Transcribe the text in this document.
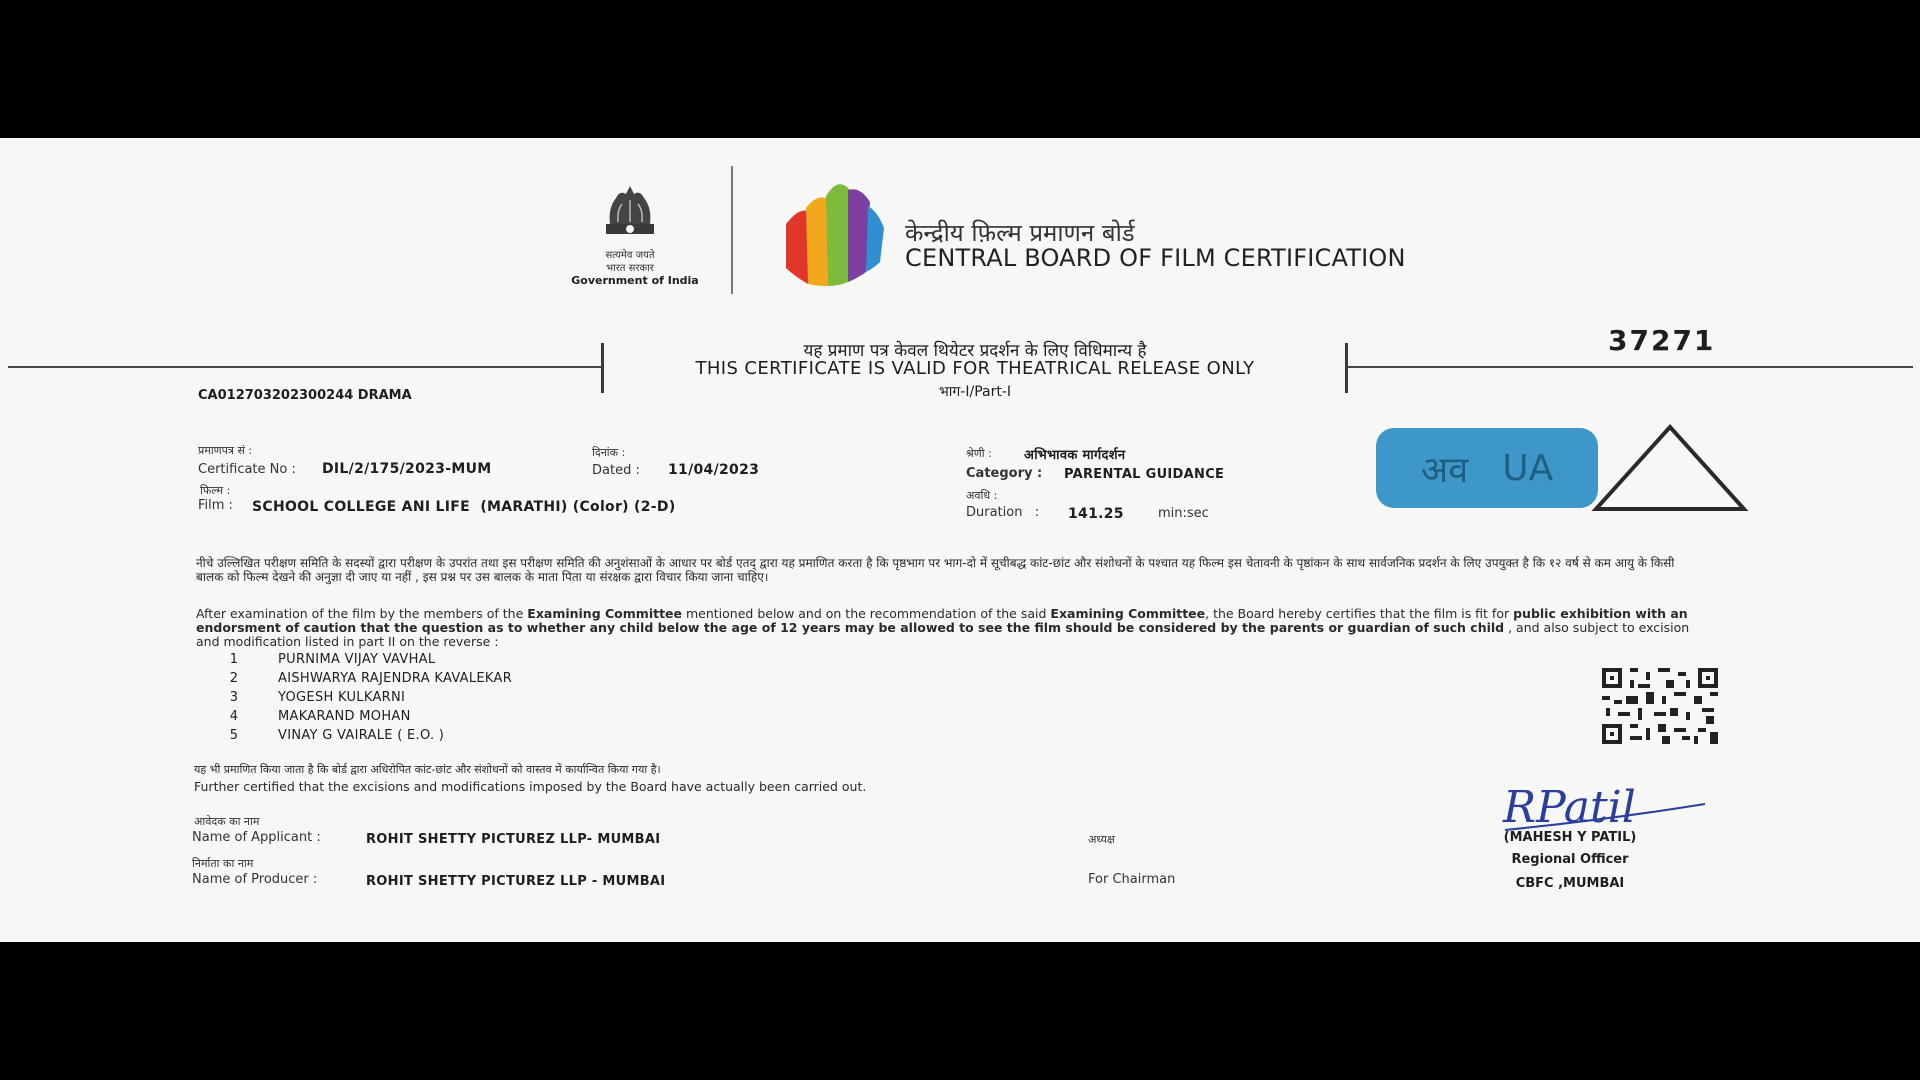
सत्यमेव जयते
भारत सरकार
Government of India
केन्द्रीय फ़िल्म प्रमाणन बोर्ड
CENTRAL BOARD OF FILM CERTIFICATION
यह प्रमाण पत्र केवल थियेटर प्रदर्शन के लिए विधिमान्य है
THIS CERTIFICATE IS VALID FOR THEATRICAL RELEASE ONLY
भाग-I/Part-I
37271
CA012703202300244 DRAMA
प्रमाणपत्र सं :
Certificate No : DIL/2/175/2023-MUM
दिनांक :
Dated : 11/04/2023
फिल्म :
Film : SCHOOL COLLEGE ANI LIFE  (MARATHI) (Color) (2-D)
श्रेणी : अभिभावक मार्गदर्शन
Category : PARENTAL GUIDANCE
अवधि :
Duration   : 141.25	min:sec
अव UA
नीचे उल्लिखित परीक्षण समिति के सदस्यों द्वारा परीक्षण के उपरांत तथा इस परीक्षण समिति की अनुशंसाओं के आधार पर बोर्ड एतद् द्वारा यह प्रमाणित करता है कि पृष्ठभाग पर भाग-दो में सूचीबद्ध कांट-छांट और संशोधनों के पश्चात यह फिल्म इस चेतावनी के पृष्ठांकन के साथ सार्वजनिक प्रदर्शन के लिए उपयुक्त है कि १२ वर्ष से कम आयु के किसी बालक को फिल्म देखने की अनुज्ञा दी जाए या नहीं , इस प्रश्न पर उस बालक के माता पिता या संरक्षक द्वारा विचार किया जाना चाहिए।
After examination of the film by the members of the Examining Committee mentioned below and on the recommendation of the said Examining Committee, the Board hereby certifies that the film is fit for public exhibition with an endorsment of caution that the question as to whether any child below the age of 12 years may be allowed to see the film should be considered by the parents or guardian of such child , and also subject to excision and modification listed in part II on the reverse :
1	PURNIMA VIJAY VAVHAL
2	AISHWARYA RAJENDRA KAVALEKAR
3	YOGESH KULKARNI
4	MAKARAND MOHAN
5	VINAY G VAIRALE ( E.O. )
यह भी प्रमाणित किया जाता है कि बोर्ड द्वारा अधिरोपित कांट-छांट और संशोधनों को वास्तव में कार्यान्वित किया गया है।
Further certified that the excisions and modifications imposed by the Board have actually been carried out.
आवेदक का नाम
Name of Applicant :	ROHIT SHETTY PICTUREZ LLP- MUMBAI
निर्माता का नाम
Name of Producer :	ROHIT SHETTY PICTUREZ LLP - MUMBAI
अध्यक्ष
For Chairman
RPatil
(MAHESH Y PATIL)
Regional Officer
CBFC ,MUMBAI
